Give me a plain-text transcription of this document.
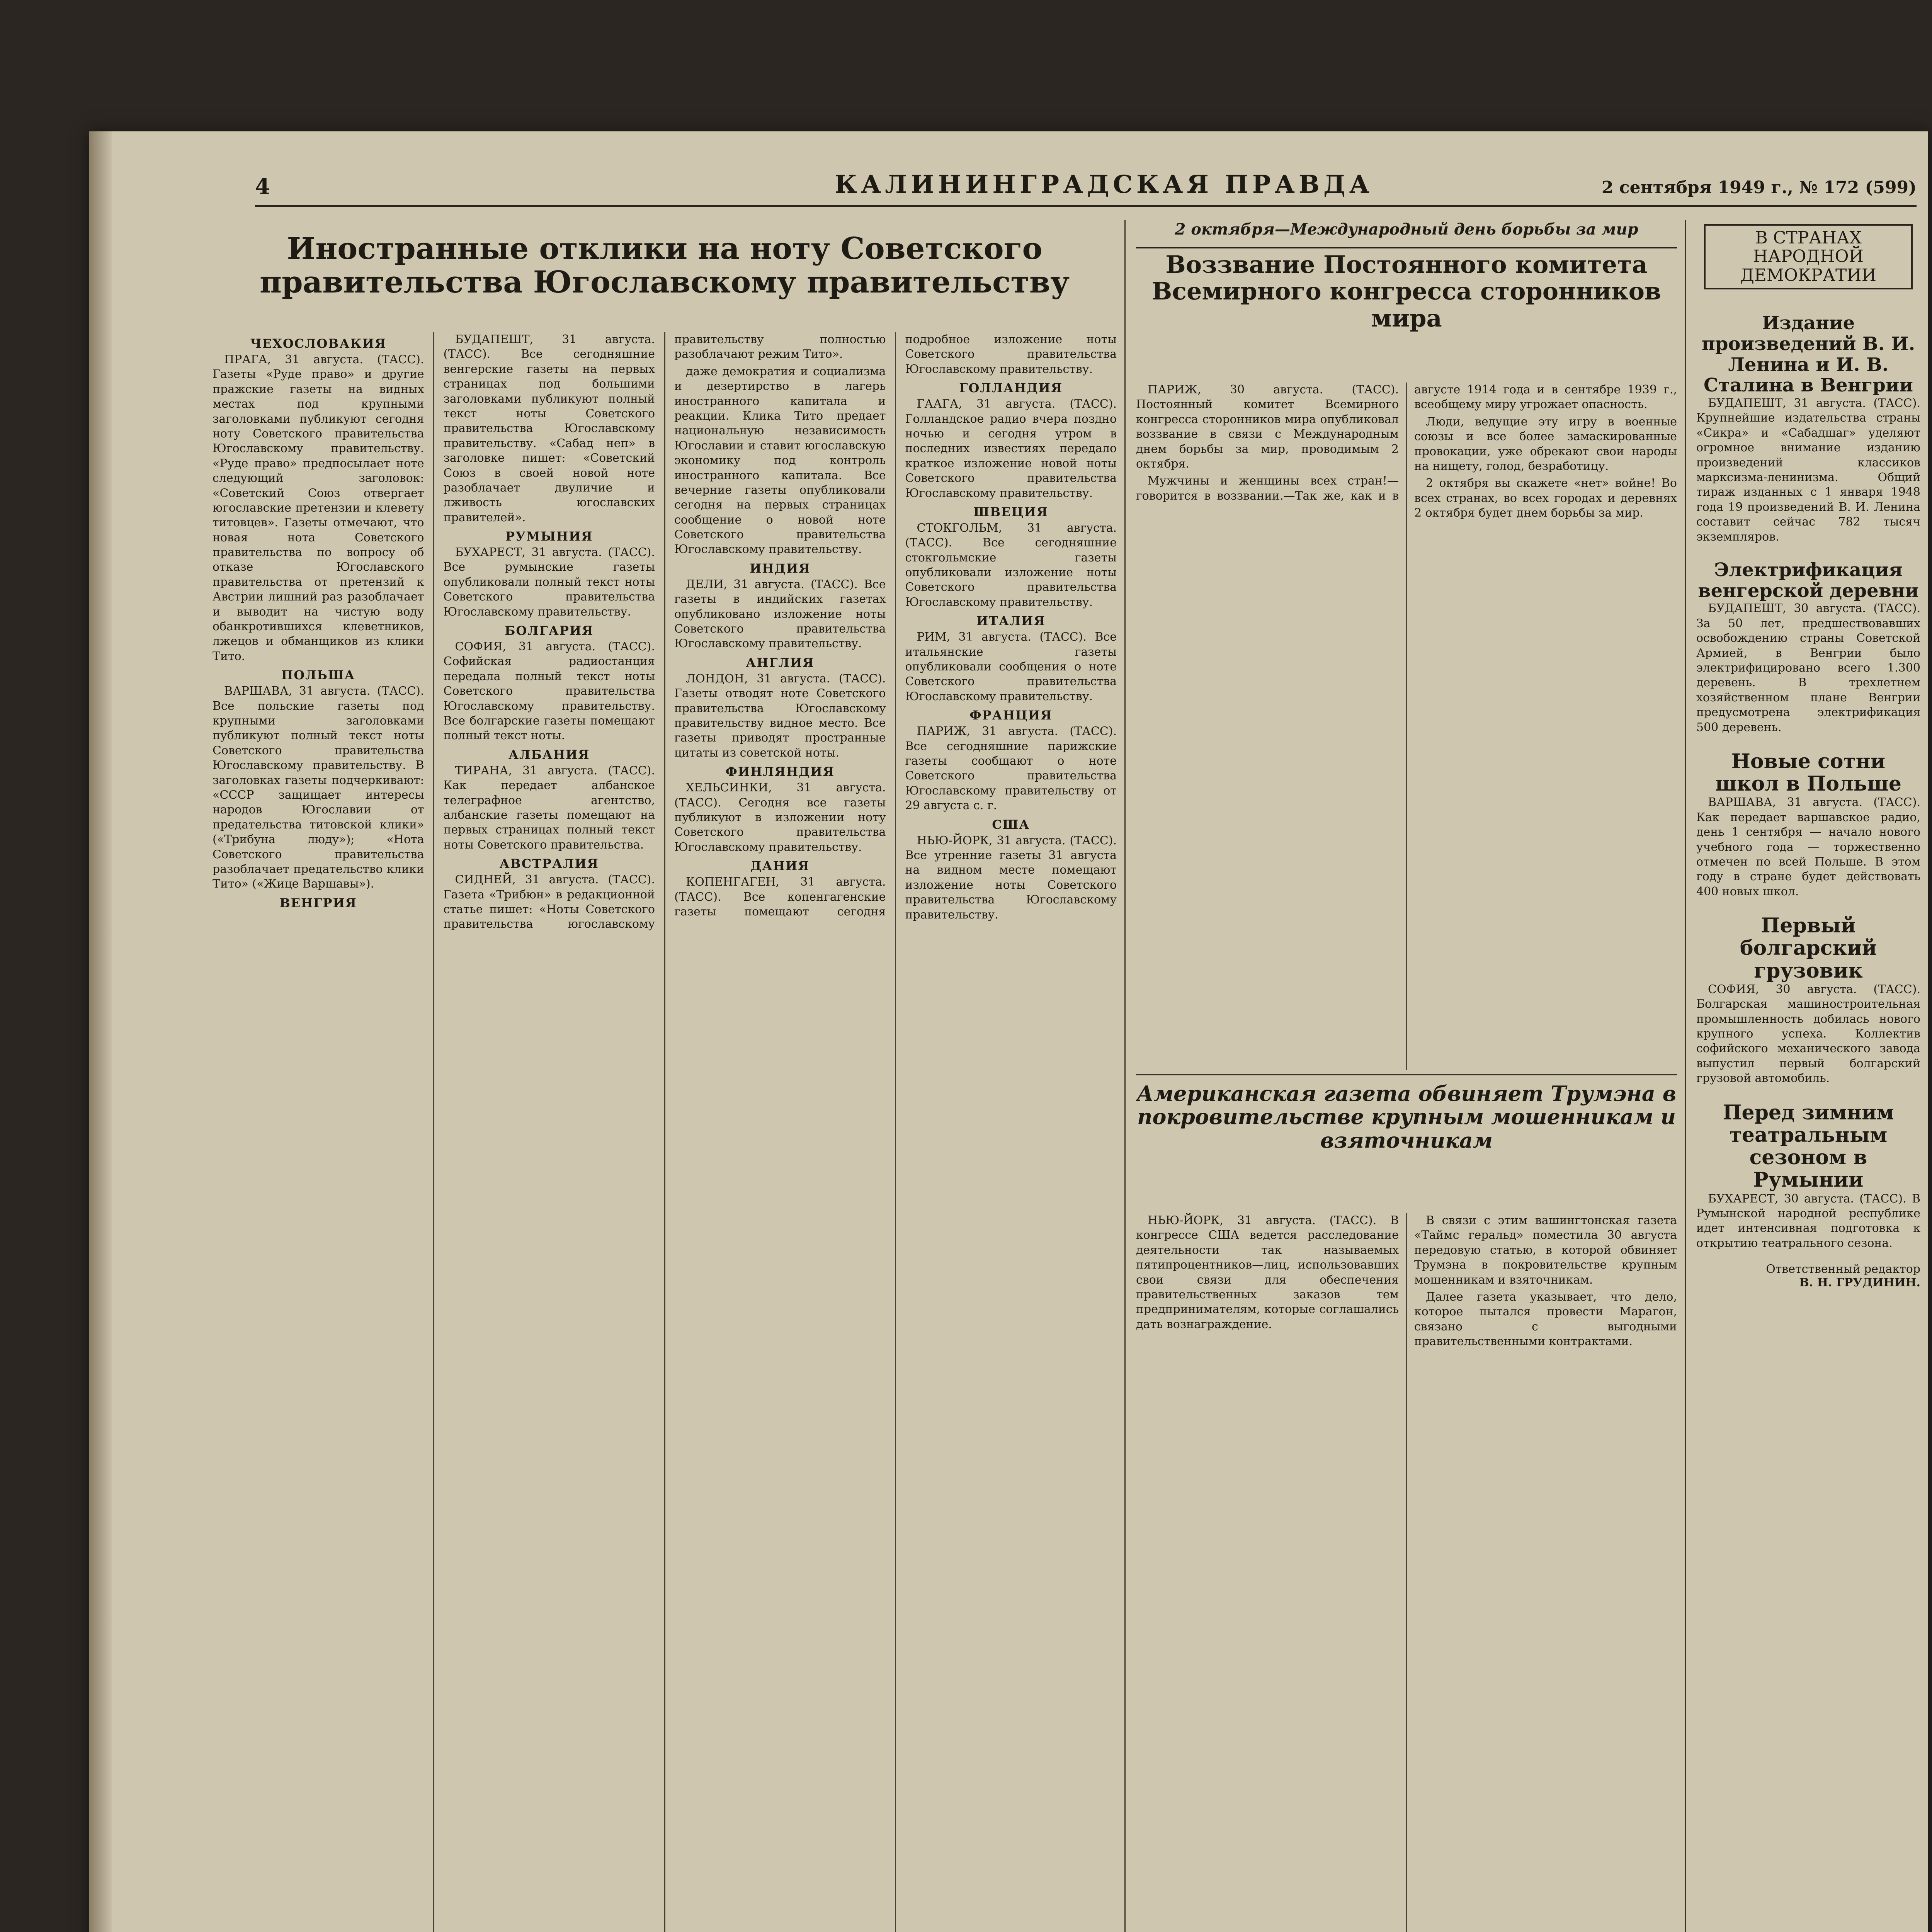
4	КАЛИНИНГРАДСКАЯ ПРАВДА	2 сентября 1949 г., № 172 (599)
Иностранные отклики на ноту Советского правительства Югославскому правительству
ЧЕХОСЛОВАКИЯ

ПРАГА, 31 августа. (ТАСС). Газеты «Руде право» и другие пражские газеты на видных местах под крупными заголовками публикуют сегодня ноту Советского правительства Югославскому правительству. «Руде право» предпосылает ноте следующий заголовок: «Советский Союз отвергает югославские претензии и клевету титовцев». Газеты отмечают, что новая нота Советского правительства по вопросу об отказе Югославского правительства от претензий к Австрии лишний раз разоблачает и выводит на чистую воду обанкротившихся клеветников, лжецов и обманщиков из клики Тито.

ПОЛЬША

ВАРШАВА, 31 августа. (ТАСС). Все польские газеты под крупными заголовками публикуют полный текст ноты Советского правительства Югославскому правительству. В заголовках газеты подчеркивают: «СССР защищает интересы народов Югославии от предательства титовской клики» («Трибуна люду»); «Нота Советского правительства разоблачает предательство клики Тито» («Жице Варшавы»).

ВЕНГРИЯ

БУДАПЕШТ, 31 августа. (ТАСС). Все сегодняшние венгерские газеты на первых страницах под большими заголовками публикуют полный текст ноты Советского правительства Югославскому правительству. «Сабад неп» в заголовке пишет: «Советский Союз в своей новой ноте разоблачает двуличие и лживость югославских правителей».

РУМЫНИЯ

БУХАРЕСТ, 31 августа. (ТАСС). Все румынские газеты опубликовали полный текст ноты Советского правительства Югославскому правительству.

БОЛГАРИЯ

СОФИЯ, 31 августа. (ТАСС). Софийская радиостанция передала полный текст ноты Советского правительства Югославскому правительству. Все болгарские газеты помещают полный текст ноты.

АЛБАНИЯ

ТИРАНА, 31 августа. (ТАСС). Как передает албанское телеграфное агентство, албанские газеты помещают на первых страницах полный текст ноты Советского правительства.

АВСТРАЛИЯ

СИДНЕЙ, 31 августа. (ТАСС). Газета «Трибюн» в редакционной статье пишет: «Ноты Советского правительства югославскому правительству полностью разоблачают режим Тито».

даже демократия и социализма и дезертирство в лагерь иностранного капитала и реакции. Клика Тито предает национальную независимость Югославии и ставит югославскую экономику под контроль иностранного капитала. Все вечерние газеты опубликовали сегодня на первых страницах сообщение о новой ноте Советского правительства Югославскому правительству.

ИНДИЯ

ДЕЛИ, 31 августа. (ТАСС). Все газеты в индийских газетах опубликовано изложение ноты Советского правительства Югославскому правительству.

АНГЛИЯ

ЛОНДОН, 31 августа. (ТАСС). Газеты отводят ноте Советского правительства Югославскому правительству видное место. Все газеты приводят пространные цитаты из советской ноты.

ФИНЛЯНДИЯ

ХЕЛЬСИНКИ, 31 августа. (ТАСС). Сегодня все газеты публикуют в изложении ноту Советского правительства Югославскому правительству.

ДАНИЯ

КОПЕНГАГЕН, 31 августа. (ТАСС). Все копенгагенские газеты помещают сегодня подробное изложение ноты Советского правительства Югославскому правительству.

ГОЛЛАНДИЯ

ГААГА, 31 августа. (ТАСС). Голландское радио вчера поздно ночью и сегодня утром в последних известиях передало краткое изложение новой ноты Советского правительства Югославскому правительству.

ШВЕЦИЯ

СТОКГОЛЬМ, 31 августа. (ТАСС). Все сегодняшние стокгольмские газеты опубликовали изложение ноты Советского правительства Югославскому правительству.

ИТАЛИЯ

РИМ, 31 августа. (ТАСС). Все итальянские газеты опубликовали сообщения о ноте Советского правительства Югославскому правительству.

ФРАНЦИЯ

ПАРИЖ, 31 августа. (ТАСС). Все сегодняшние парижские газеты сообщают о ноте Советского правительства Югославскому правительству от 29 августа с. г.

США

НЬЮ-ЙОРК, 31 августа. (ТАСС). Все утренние газеты 31 августа на видном месте помещают изложение ноты Советского правительства Югославскому правительству.

2 октября—Международный день борьбы за мир
Воззвание Постоянного комитета Всемирного конгресса сторонников мира

ПАРИЖ, 30 августа. (ТАСС). Постоянный комитет Всемирного конгресса сторонников мира опубликовал воззвание в связи с Международным днем борьбы за мир, проводимым 2 октября.

Мужчины и женщины всех стран!—говорится в воззвании.—Так же, как и в августе 1914 года и в сентябре 1939 г., всеобщему миру угрожает опасность.

Люди, ведущие эту игру в военные союзы и все более замаскированные провокации, уже обрекают свои народы на нищету, голод, безработицу.

2 октября вы скажете «нет» войне! Во всех странах, во всех городах и деревнях 2 октября будет днем борьбы за мир.

Американская газета обвиняет Трумэна в покровительстве крупным мошенникам и взяточникам

НЬЮ-ЙОРК, 31 августа. (ТАСС). В конгрессе США ведется расследование деятельности так называемых пятипроцентников—лиц, использовавших свои связи для обеспечения правительственных заказов тем предпринимателям, которые соглашались дать вознаграждение.

В связи с этим вашингтонская газета «Таймс геральд» поместила 30 августа передовую статью, в которой обвиняет Трумэна в покровительстве крупным мошенникам и взяточникам.

Далее газета указывает, что дело, которое пытался провести Марагон, связано с выгодными правительственными контрактами.

В СТРАНАХ
НАРОДНОЙ
ДЕМОКРАТИИ
Издание произведений В. И. Ленина и И. В. Сталина в Венгрии

БУДАПЕШТ, 31 августа. (ТАСС). Крупнейшие издательства страны «Сикра» и «Сабадшаг» уделяют огромное внимание изданию произведений классиков марксизма-ленинизма. Общий тираж изданных с 1 января 1948 года 19 произведений В. И. Ленина составит сейчас 782 тысяч экземпляров.

Электрификация венгерской деревни

БУДАПЕШТ, 30 августа. (ТАСС). За 50 лет, предшествовавших освобождению страны Советской Армией, в Венгрии было электрифицировано всего 1.300 деревень. В трехлетнем хозяйственном плане Венгрии предусмотрена электрификация 500 деревень.

Новые сотни школ в Польше

ВАРШАВА, 31 августа. (ТАСС). Как передает варшавское радио, день 1 сентября — начало нового учебного года — торжественно отмечен по всей Польше. В этом году в стране будет действовать 400 новых школ.

Первый болгарский грузовик

СОФИЯ, 30 августа. (ТАСС). Болгарская машиностроительная промышленность добилась нового крупного успеха. Коллектив софийского механического завода выпустил первый болгарский грузовой автомобиль.

Перед зимним театральным сезоном в Румынии

БУХАРЕСТ, 30 августа. (ТАСС). В Румынской народной республике идет интенсивная подготовка к открытию театрального сезона.

Ответственный редактор

В. Н. ГРУДИНИН.
